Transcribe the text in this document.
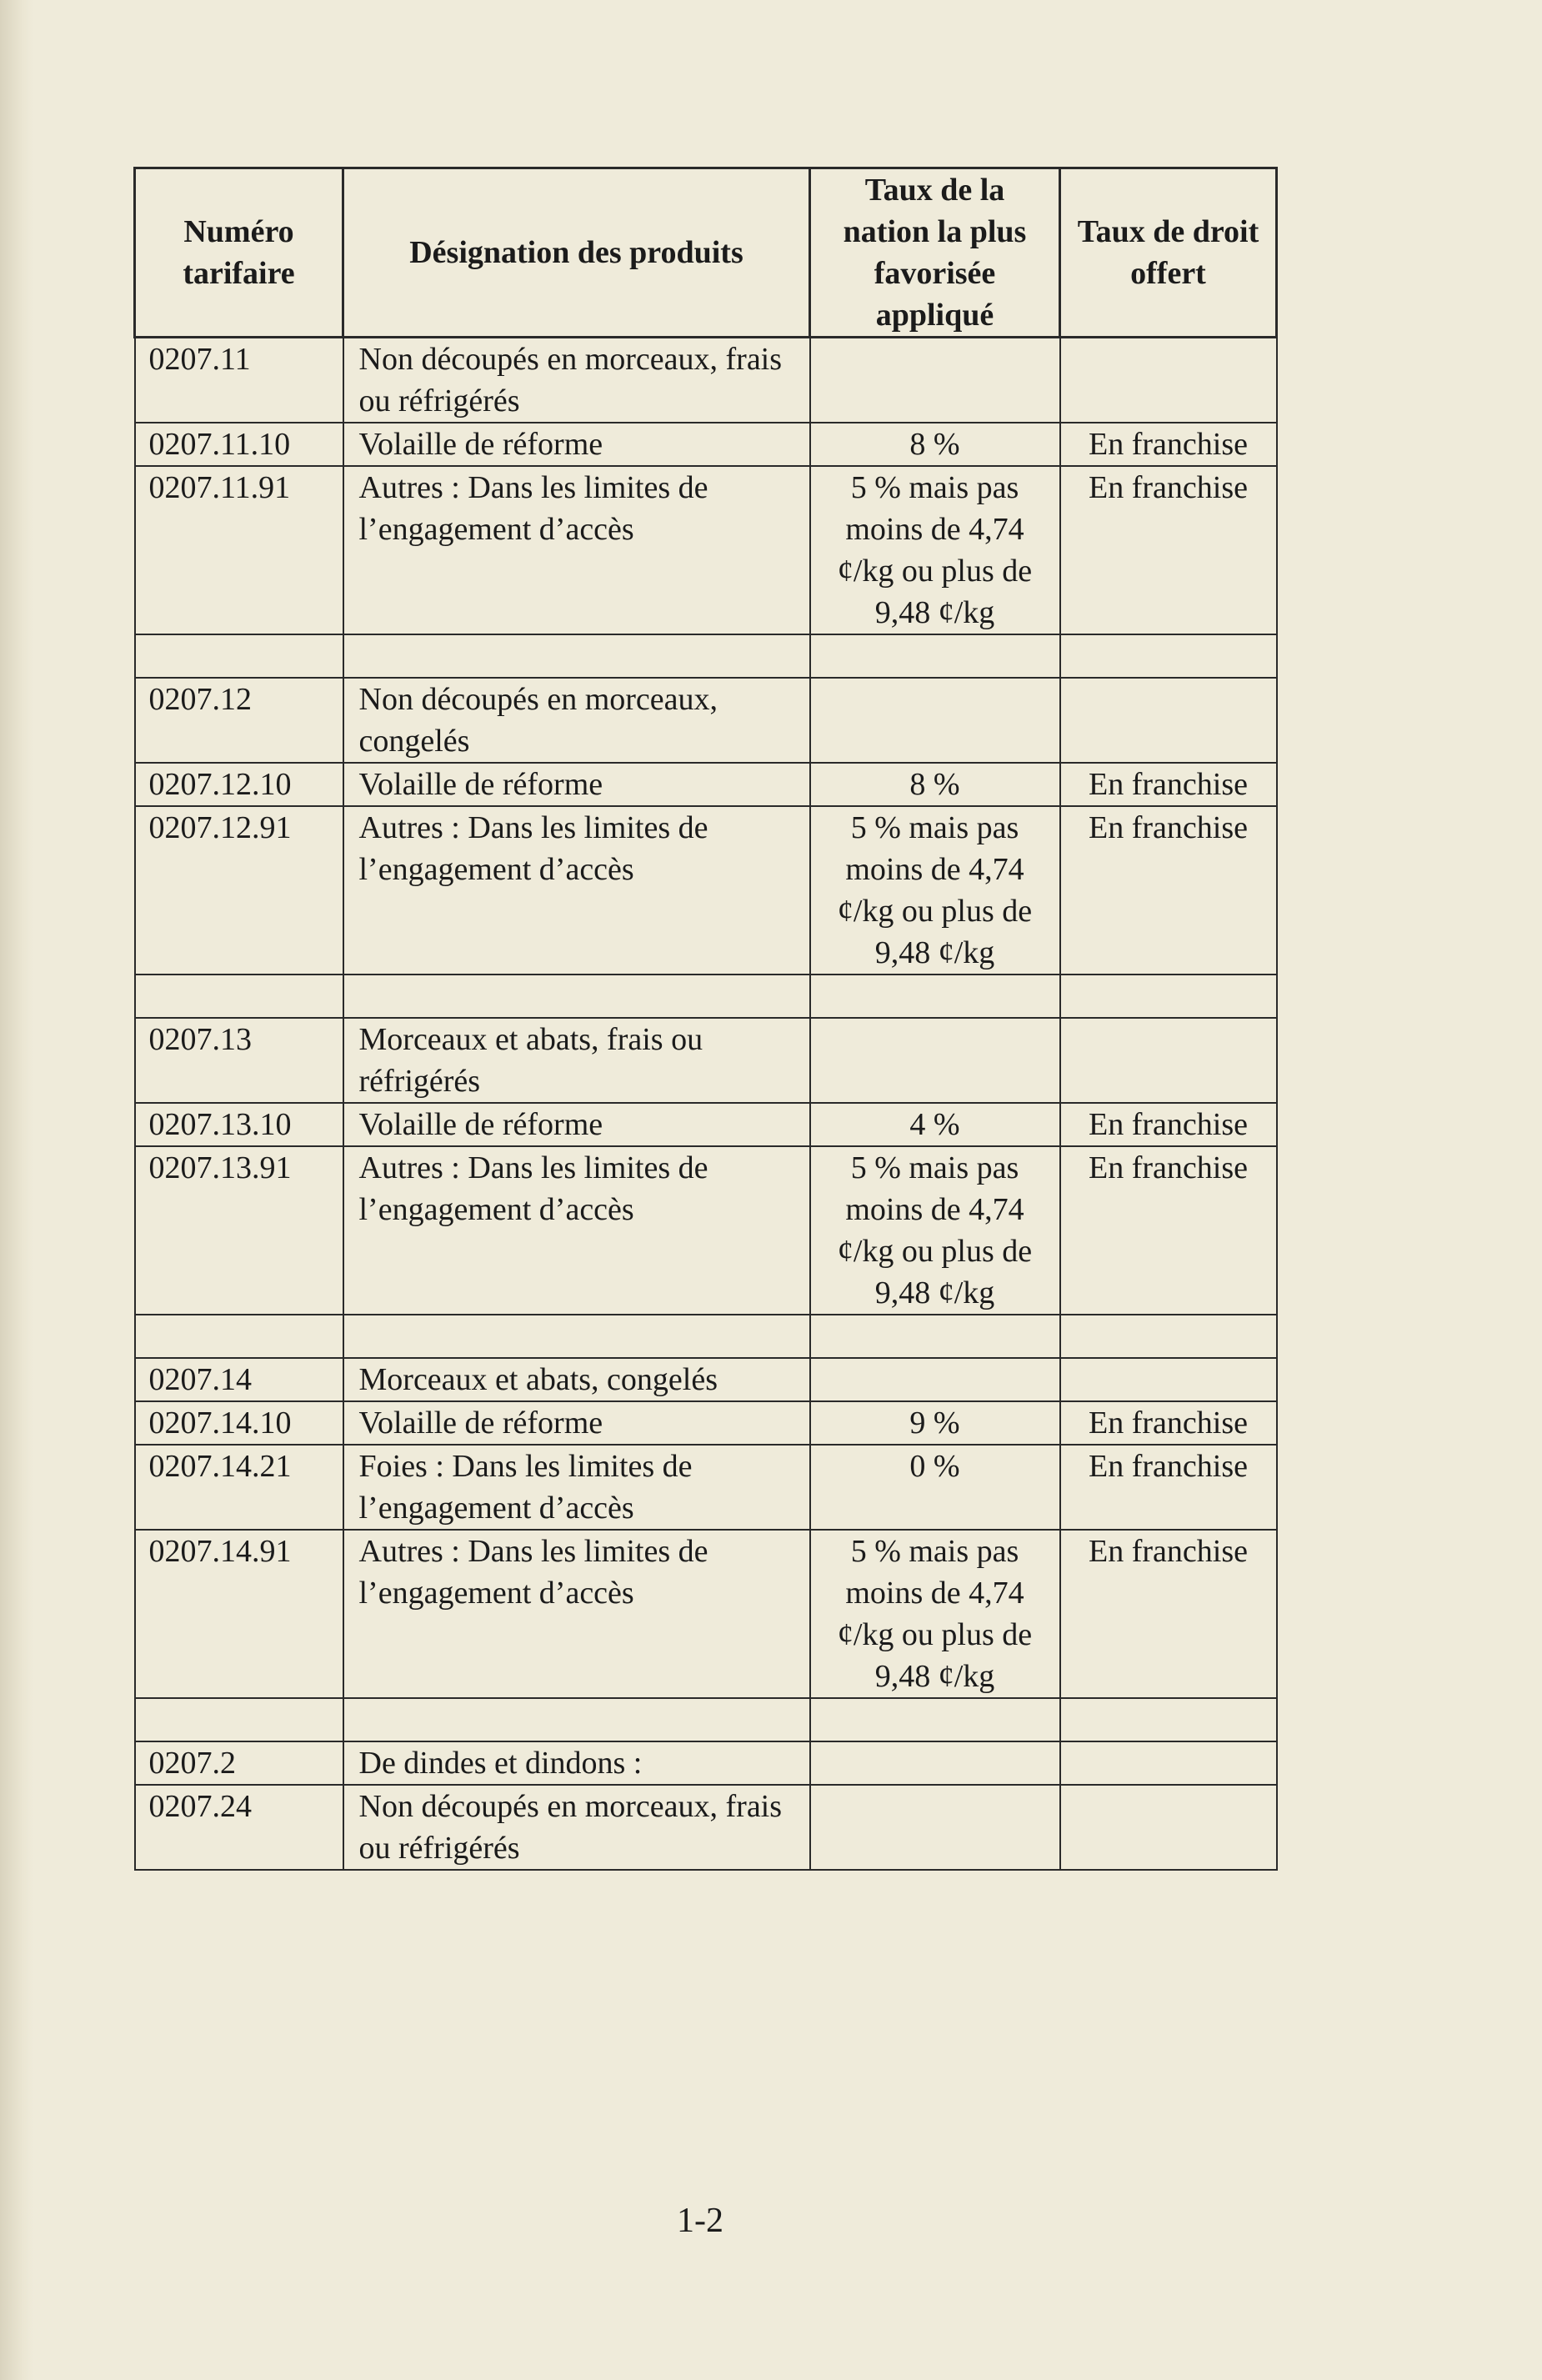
Numéro tarifaire	Désignation des produits	Taux de la nation la plus favorisée appliqué	Taux de droit offert
0207.11	Non découpés en morceaux, frais ou réfrigérés		
0207.11.10	Volaille de réforme	8 %	En franchise
0207.11.91	Autres : Dans les limites de l’engagement d’accès	5 % mais pas moins de 4,74 ¢/kg ou plus de 9,48 ¢/kg	En franchise

0207.12	Non découpés en morceaux, congelés		
0207.12.10	Volaille de réforme	8 %	En franchise
0207.12.91	Autres : Dans les limites de l’engagement d’accès	5 % mais pas moins de 4,74 ¢/kg ou plus de 9,48 ¢/kg	En franchise

0207.13	Morceaux et abats, frais ou réfrigérés		
0207.13.10	Volaille de réforme	4 %	En franchise
0207.13.91	Autres : Dans les limites de l’engagement d’accès	5 % mais pas moins de 4,74 ¢/kg ou plus de 9,48 ¢/kg	En franchise

0207.14	Morceaux et abats, congelés		
0207.14.10	Volaille de réforme	9 %	En franchise
0207.14.21	Foies : Dans les limites de l’engagement d’accès	0 %	En franchise
0207.14.91	Autres : Dans les limites de l’engagement d’accès	5 % mais pas moins de 4,74 ¢/kg ou plus de 9,48 ¢/kg	En franchise

0207.2	De dindes et dindons :		
0207.24	Non découpés en morceaux, frais ou réfrigérés		
1-2
